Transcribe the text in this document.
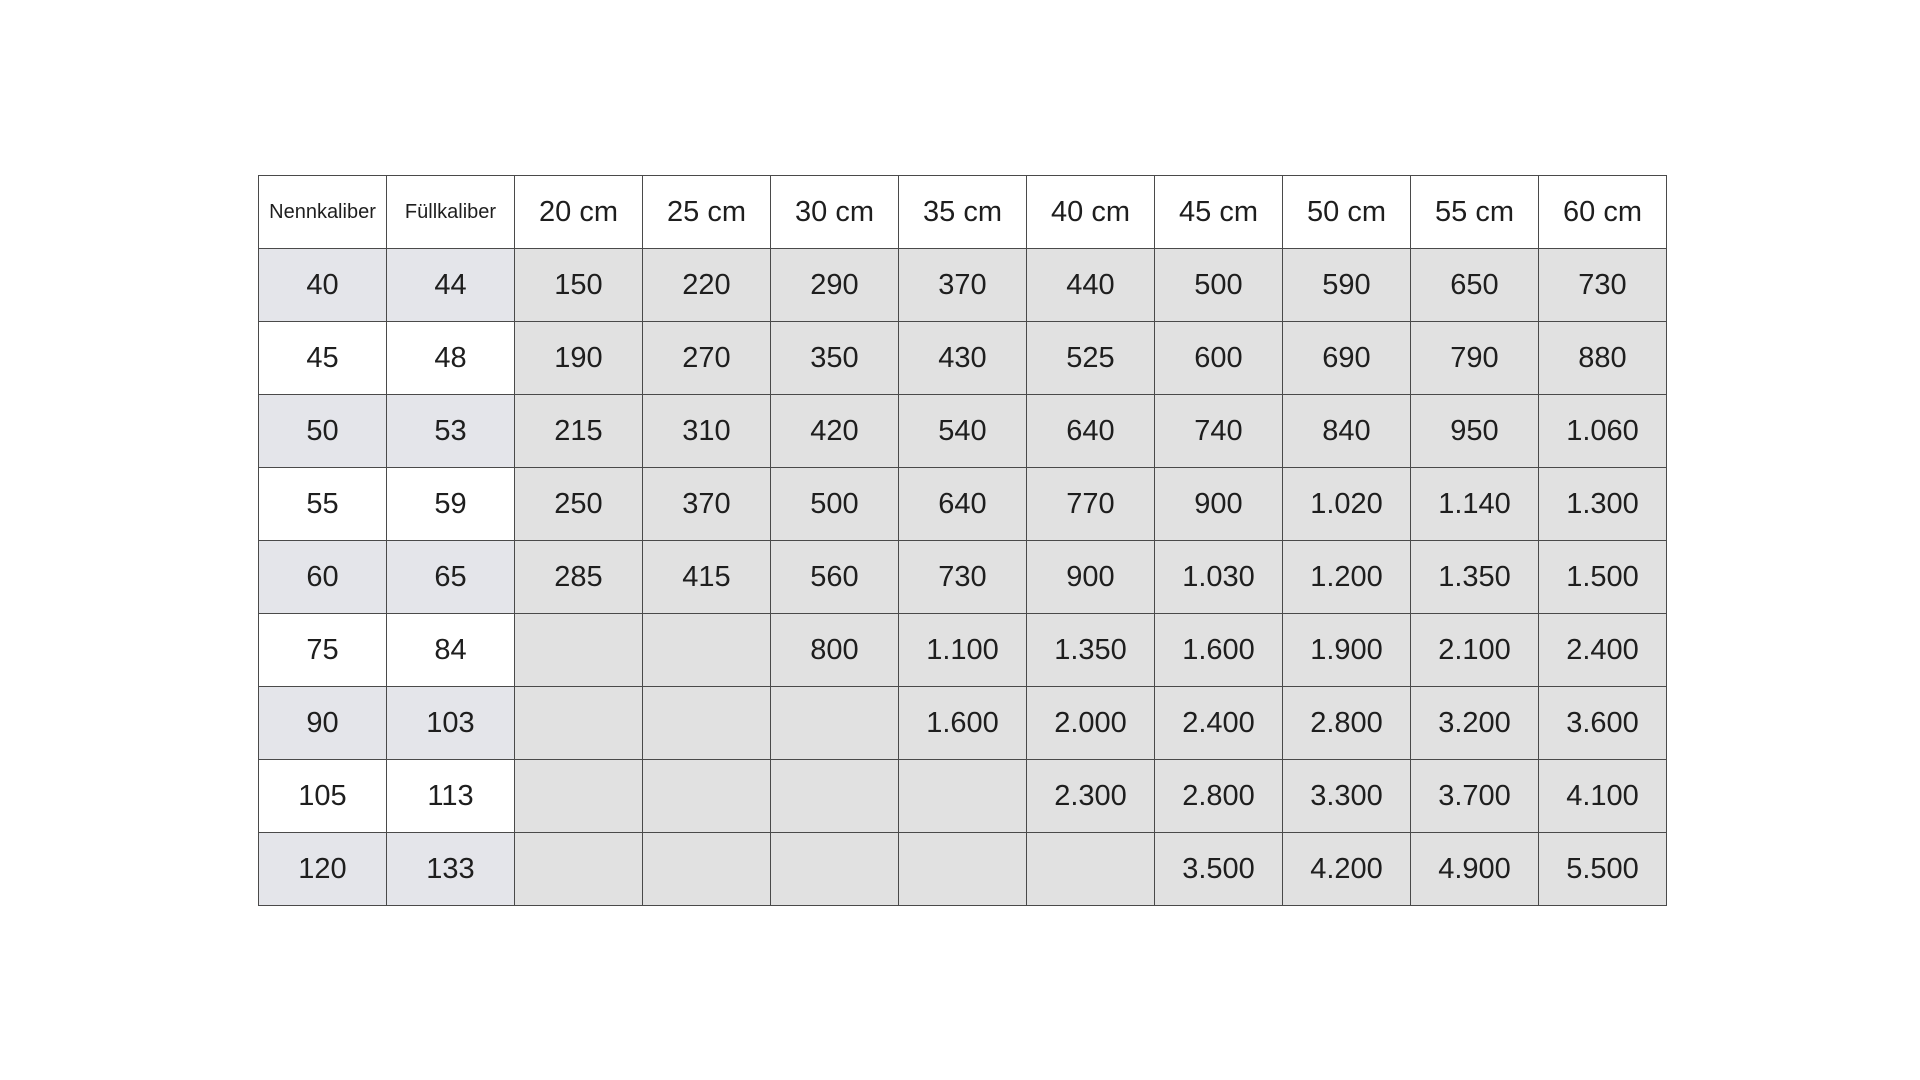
Nennkaliber	Füllkaliber	20 cm	25 cm	30 cm	35 cm	40 cm	45 cm	50 cm	55 cm	60 cm
40	44	150	220	290	370	440	500	590	650	730
45	48	190	270	350	430	525	600	690	790	880
50	53	215	310	420	540	640	740	840	950	1.060
55	59	250	370	500	640	770	900	1.020	1.140	1.300
60	65	285	415	560	730	900	1.030	1.200	1.350	1.500
75	84			800	1.100	1.350	1.600	1.900	2.100	2.400
90	103				1.600	2.000	2.400	2.800	3.200	3.600
105	113					2.300	2.800	3.300	3.700	4.100
120	133						3.500	4.200	4.900	5.500
